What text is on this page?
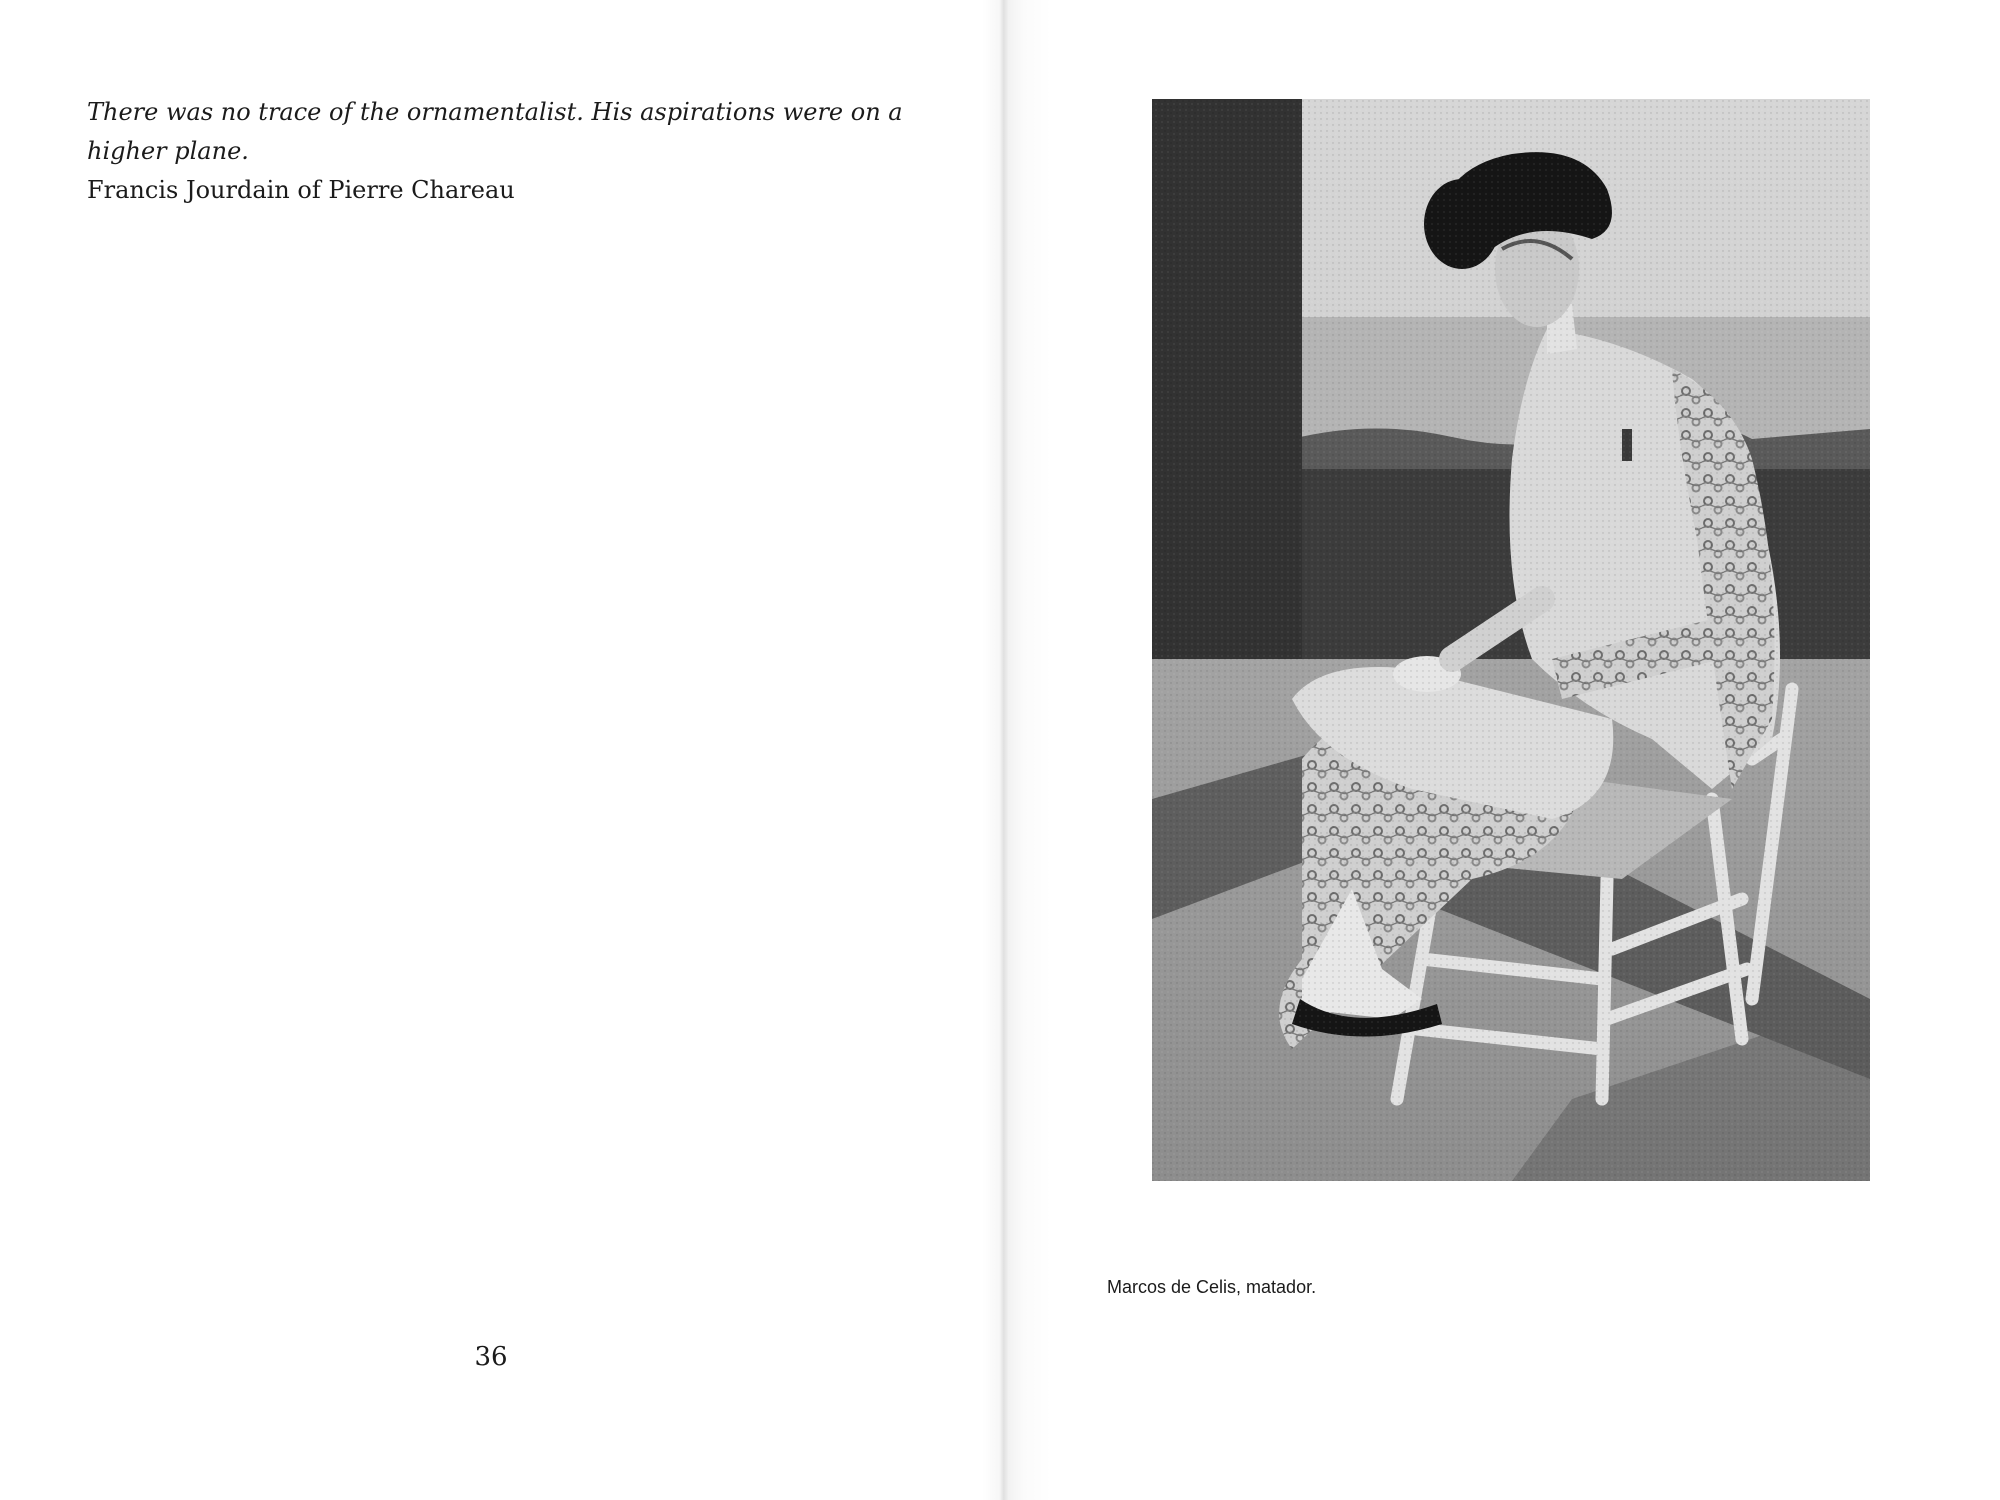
There was no trace of the ornamentalist. His aspirations were on a higher plane.
Francis Jourdain of Pierre Chareau
36
Marcos de Celis, matador.
